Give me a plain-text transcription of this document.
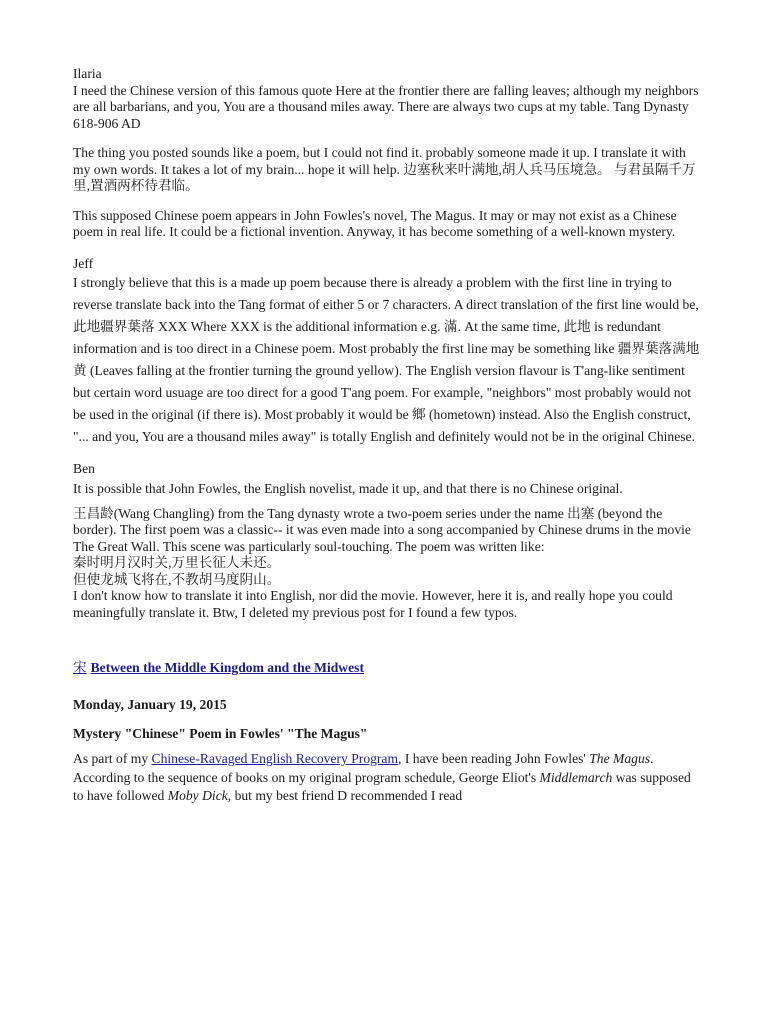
Ilaria

I need the Chinese version of this famous quote Here at the frontier there are falling leaves; although my neighbors are all barbarians, and you, You are a thousand miles away. There are always two cups at my table. Tang Dynasty 618-906 AD

The thing you posted sounds like a poem, but I could not find it. probably someone made it up. I translate it with my own words. It takes a lot of my brain... hope it will help. 边塞秋来叶满地,胡人兵马压境急。 与君虽隔千万里,置酒两杯待君临。

This supposed Chinese poem appears in John Fowles's novel, The Magus. It may or may not exist as a Chinese poem in real life. It could be a fictional invention. Anyway, it has become something of a well-known mystery.

Jeff

I strongly believe that this is a made up poem because there is already a problem with the first line in trying to reverse translate back into the Tang format of either 5 or 7 characters. A direct translation of the first line would be, 此地疆界葉落 XXX Where XXX is the additional information e.g. 滿. At the same time, 此地 is redundant information and is too direct in a Chinese poem. Most probably the first line may be something like 疆界葉落满地黄 (Leaves falling at the frontier turning the ground yellow). The English version flavour is T'ang-like sentiment but certain word usuage are too direct for a good T'ang poem. For example, "neighbors" most probably would not be used in the original (if there is). Most probably it would be 鄉 (hometown) instead. Also the English construct, "... and you, You are a thousand miles away" is totally English and definitely would not be in the original Chinese.

Ben

It is possible that John Fowles, the English novelist, made it up, and that there is no Chinese original.

王昌龄(Wang Changling) from the Tang dynasty wrote a two-poem series under the name 出塞 (beyond the border). The first poem was a classic-- it was even made into a song accompanied by Chinese drums in the movie The Great Wall. This scene was particularly soul-touching. The poem was written like:

秦时明月汉时关,万里长征人未还。

但使龙城飞将在,不教胡马度阴山。

I don't know how to translate it into English, nor did the movie. However, here it is, and really hope you could meaningfully translate it. Btw, I deleted my previous post for I found a few typos.

宋 Between the Middle Kingdom and the Midwest

Monday, January 19, 2015

Mystery "Chinese" Poem in Fowles' "The Magus"

As part of my Chinese-Ravaged English Recovery Program, I have been reading John Fowles' The Magus. According to the sequence of books on my original program schedule, George Eliot's Middlemarch was supposed to have followed Moby Dick, but my best friend D recommended I read
